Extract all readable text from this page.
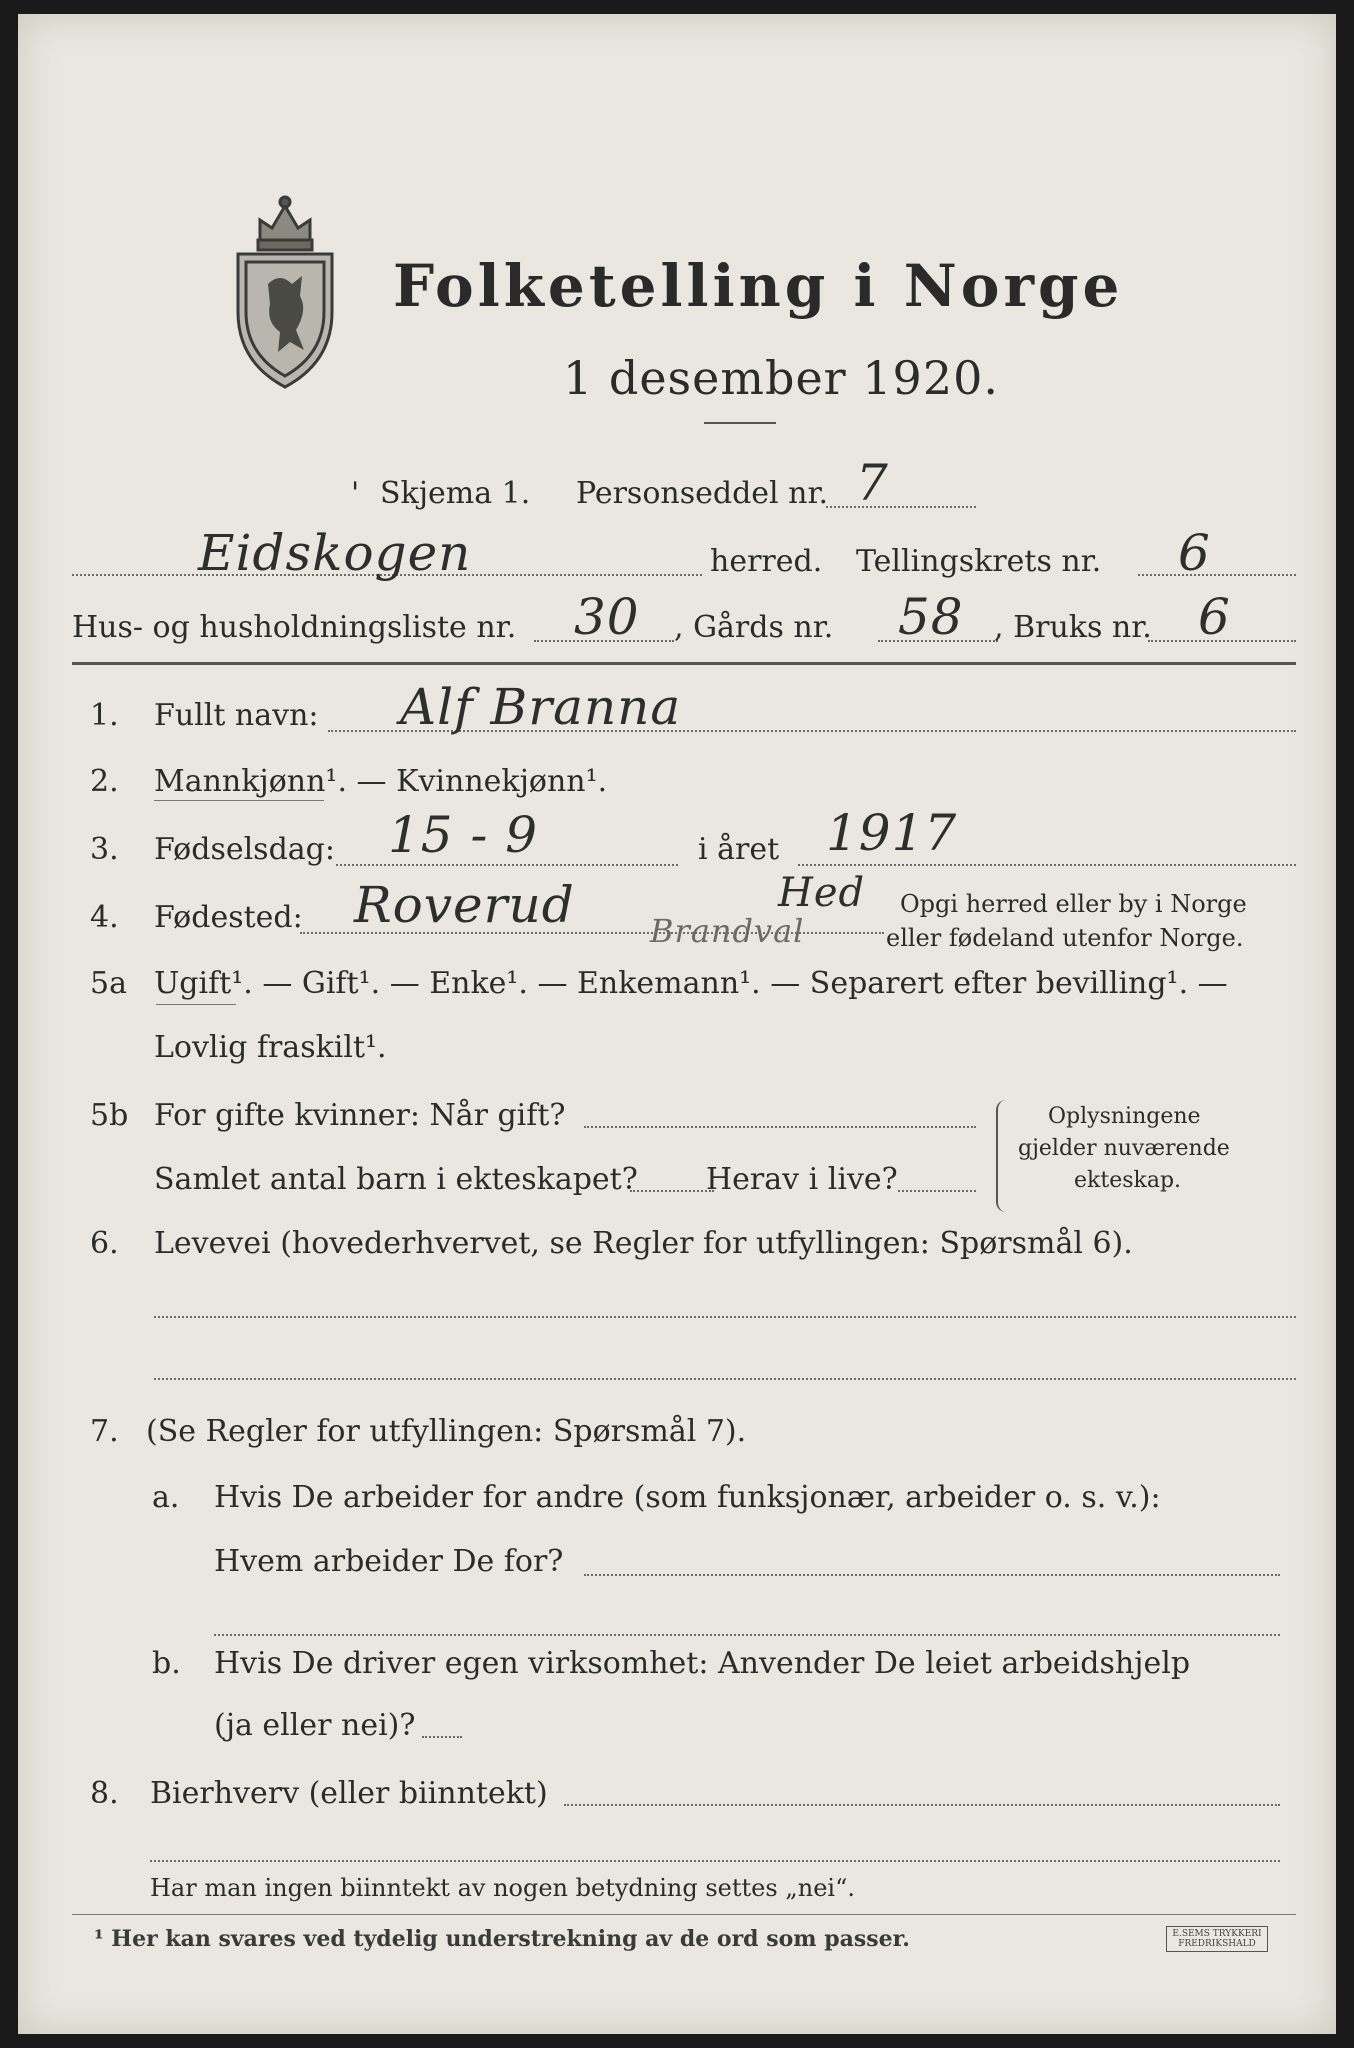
Folketelling i Norge
1 desember 1920.
' Skjema 1. Personseddel nr. 7
Eidskogen	herred. Tellingskrets nr. 6
Hus- og husholdningsliste nr. 30 , Gårds nr. 58 , Bruks nr. 6
1. Fullt navn: Alf Branna
2. Mannkjønn¹. — Kvinnekjønn¹.
3. Fødselsdag: 15 - 9	i året 1917
4. Fødested: Roverud	Hed
Brandval
Opgi herred eller by i Norge
eller fødeland utenfor Norge.
5a Ugift¹. — Gift¹. — Enke¹. — Enkemann¹. — Separert efter bevilling¹. —
Lovlig fraskilt¹.
5b For gifte kvinner: Når gift?
Samlet antal barn i ekteskapet? Herav i live?
Oplysningene
gjelder nuværende
ekteskap.
6. Levevei (hovederhvervet, se Regler for utfyllingen: Spørsmål 6).
7. (Se Regler for utfyllingen: Spørsmål 7).
a. Hvis De arbeider for andre (som funksjonær, arbeider o. s. v.):
Hvem arbeider De for?
b. Hvis De driver egen virksomhet: Anvender De leiet arbeidshjelp
(ja eller nei)?
8. Bierhverv (eller biinntekt)
Har man ingen biinntekt av nogen betydning settes „nei“.
¹ Her kan svares ved tydelig understrekning av de ord som passer.	E.SEMS TRYKKERI
FREDRIKSHALD
